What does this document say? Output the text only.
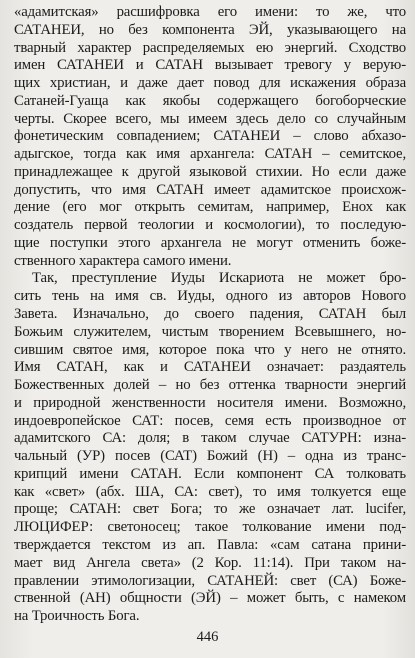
«адамитская» расшифровка его имени: то же, что
САТАНЕИ, но без компонента ЭЙ, указывающего на
тварный характер распределяемых ею энергий. Сходство
имен САТАНЕИ и САТАН вызывает тревогу у верую-
щих христиан, и даже дает повод для искажения образа
Сатаней-Гуаща как якобы содержащего богоборческие
черты. Скорее всего, мы имеем здесь дело со случайным
фонетическим совпадением; САТАНЕИ – слово абхазо-
адыгское, тогда как имя архангела: САТАН – семитское,
принадлежащее к другой языковой стихии. Но если даже
допустить, что имя САТАН имеет адамитское происхож-
дение (его мог открыть семитам, например, Енох как
создатель первой теологии и космологии), то последую-
щие поступки этого архангела не могут отменить боже-
ственного характера самого имени.
Так, преступление Иуды Искариота не может бро-
сить тень на имя св. Иуды, одного из авторов Нового
Завета. Изначально, до своего падения, САТАН был
Божьим служителем, чистым творением Всевышнего, но-
сившим святое имя, которое пока что у него не отнято.
Имя САТАН, как и САТАНЕИ означает: раздаятель
Божественных долей – но без оттенка тварности энергий
и природной женственности носителя имени. Возможно,
индоевропейское САТ: посев, семя есть производное от
адамитского СА: доля; в таком случае САТУРН: изна-
чальный (УР) посев (САТ) Божий (Н) – одна из транс-
крипций имени САТАН. Если компонент СА толковать
как «свет» (абх. ША, СА: свет), то имя толкуется еще
проще; САТАН: свет Бога; то же означает лат. lucifer,
ЛЮЦИФЕР: светоносец; такое толкование имени под-
тверждается текстом из ап. Павла: «сам сатана прини-
мает вид Ангела света» (2 Кор. 11:14). При таком на-
правлении этимологизации, САТАНЕЙ: свет (СА) Боже-
ственной (АН) общности (ЭЙ) – может быть, с намеком
на Троичность Бога.
446
